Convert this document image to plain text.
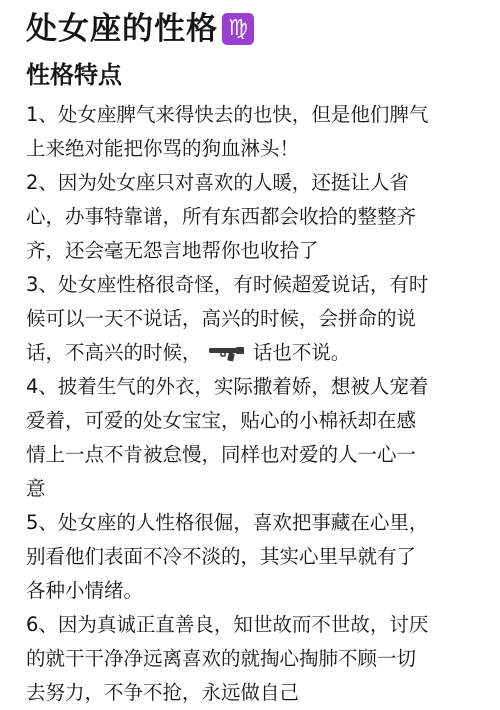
处女座的性格 ♍
性格特点
1、处女座脾气来得快去的也快，但是他们脾气
上来绝对能把你骂的狗血淋头！
2、因为处女座只对喜欢的人暖，还挺让人省
心，办事特靠谱，所有东西都会收拾的整整齐
齐，还会毫无怨言地帮你也收拾了
3、处女座性格很奇怪，有时候超爱说话，有时
候可以一天不说话，高兴的时候，会拼命的说
话，不高兴的时候，	话也不说。
4、披着生气的外衣，实际撒着娇，想被人宠着
爱着，可爱的处女宝宝，贴心的小棉袄却在感
情上一点不肯被怠慢，同样也对爱的人一心一
意
5、处女座的人性格很倔，喜欢把事藏在心里，
别看他们表面不冷不淡的，其实心里早就有了
各种小情绪。
6、因为真诚正直善良，知世故而不世故，讨厌
的就干干净净远离喜欢的就掏心掏肺不顾一切
去努力，不争不抢，永远做自己
